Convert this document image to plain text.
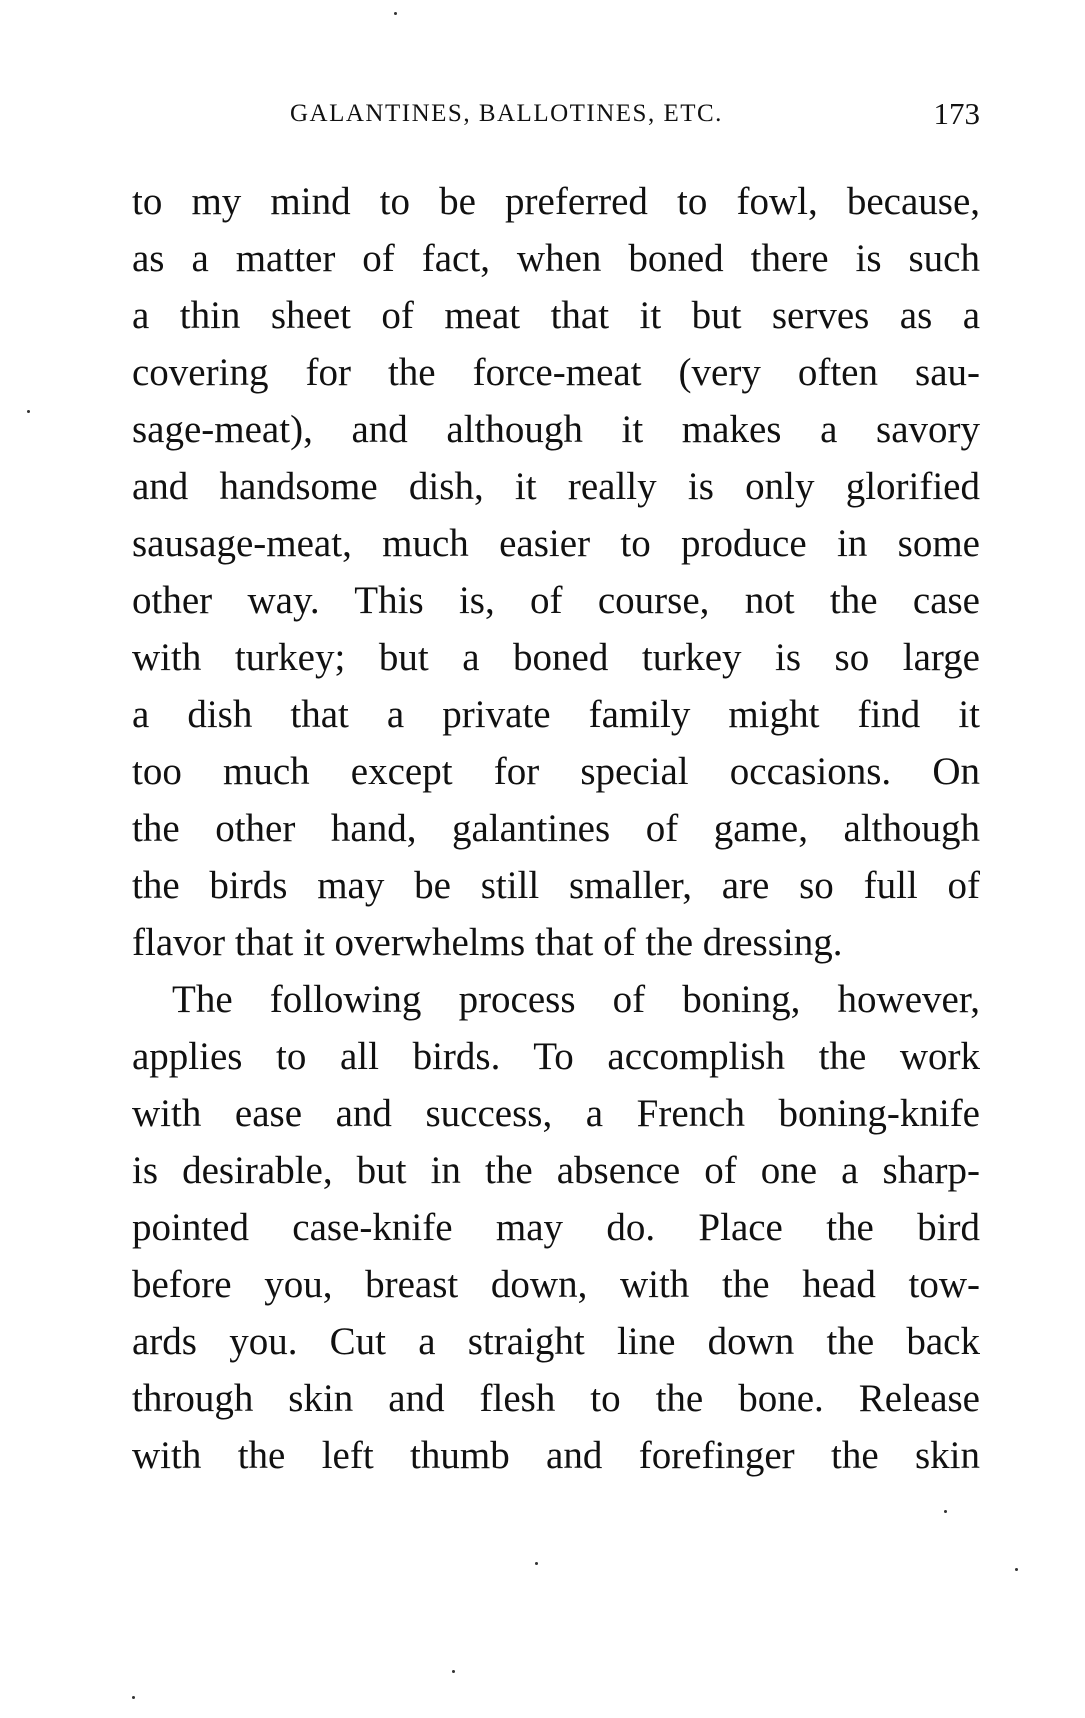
GALANTINES, BALLOTINES, ETC.	173
to my mind to be preferred to fowl, because,
as a matter of fact, when boned there is such
a thin sheet of meat that it but serves as a
covering for the force-meat (very often sau-
sage-meat), and although it makes a savory
and handsome dish, it really is only glorified
sausage-meat, much easier to produce in some
other way. This is, of course, not the case
with turkey; but a boned turkey is so large
a dish that a private family might find it
too much except for special occasions. On
the other hand, galantines of game, although
the birds may be still smaller, are so full of
flavor that it overwhelms that of the dressing.
The following process of boning, however,
applies to all birds. To accomplish the work
with ease and success, a French boning-knife
is desirable, but in the absence of one a sharp-
pointed case-knife may do. Place the bird
before you, breast down, with the head tow-
ards you. Cut a straight line down the back
through skin and flesh to the bone. Release
with the left thumb and forefinger the skin
